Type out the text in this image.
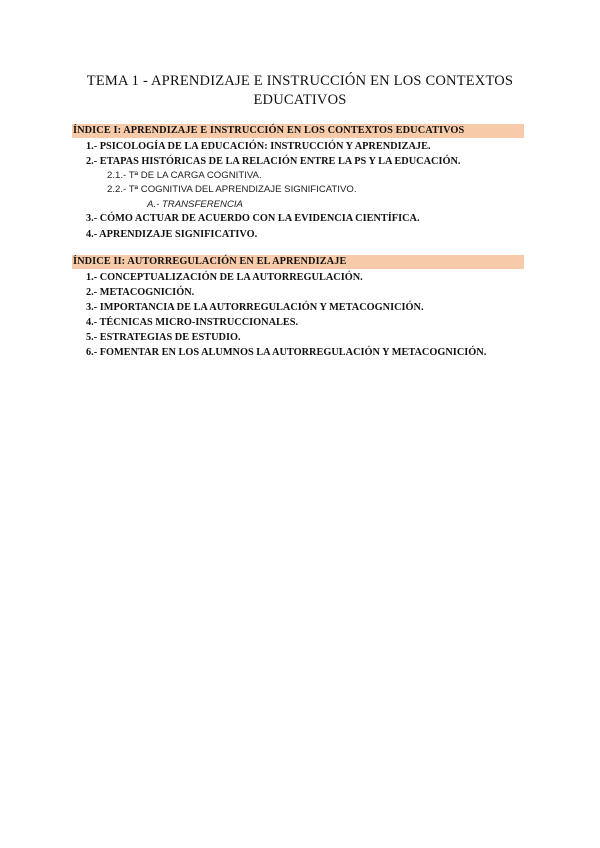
TEMA 1 - APRENDIZAJE E INSTRUCCIÓN EN LOS CONTEXTOS
EDUCATIVOS
ÍNDICE I: APRENDIZAJE E INSTRUCCIÓN EN LOS CONTEXTOS EDUCATIVOS
1.- PSICOLOGÍA DE LA EDUCACIÓN: INSTRUCCIÓN Y APRENDIZAJE.
2.- ETAPAS HISTÓRICAS DE LA RELACIÓN ENTRE LA PS Y LA EDUCACIÓN.
2.1.- Tª DE LA CARGA COGNITIVA.
2.2.- Tª COGNITIVA DEL APRENDIZAJE SIGNIFICATIVO.
A.- TRANSFERENCIA
3.- CÓMO ACTUAR DE ACUERDO CON LA EVIDENCIA CIENTÍFICA.
4.- APRENDIZAJE SIGNIFICATIVO.
ÍNDICE II: AUTORREGULACIÓN EN EL APRENDIZAJE
1.- CONCEPTUALIZACIÓN DE LA AUTORREGULACIÓN.
2.- METACOGNICIÓN.
3.- IMPORTANCIA DE LA AUTORREGULACIÓN Y METACOGNICIÓN.
4.- TÉCNICAS MICRO-INSTRUCCIONALES.
5.- ESTRATEGIAS DE ESTUDIO.
6.- FOMENTAR EN LOS ALUMNOS LA AUTORREGULACIÓN Y METACOGNICIÓN.
